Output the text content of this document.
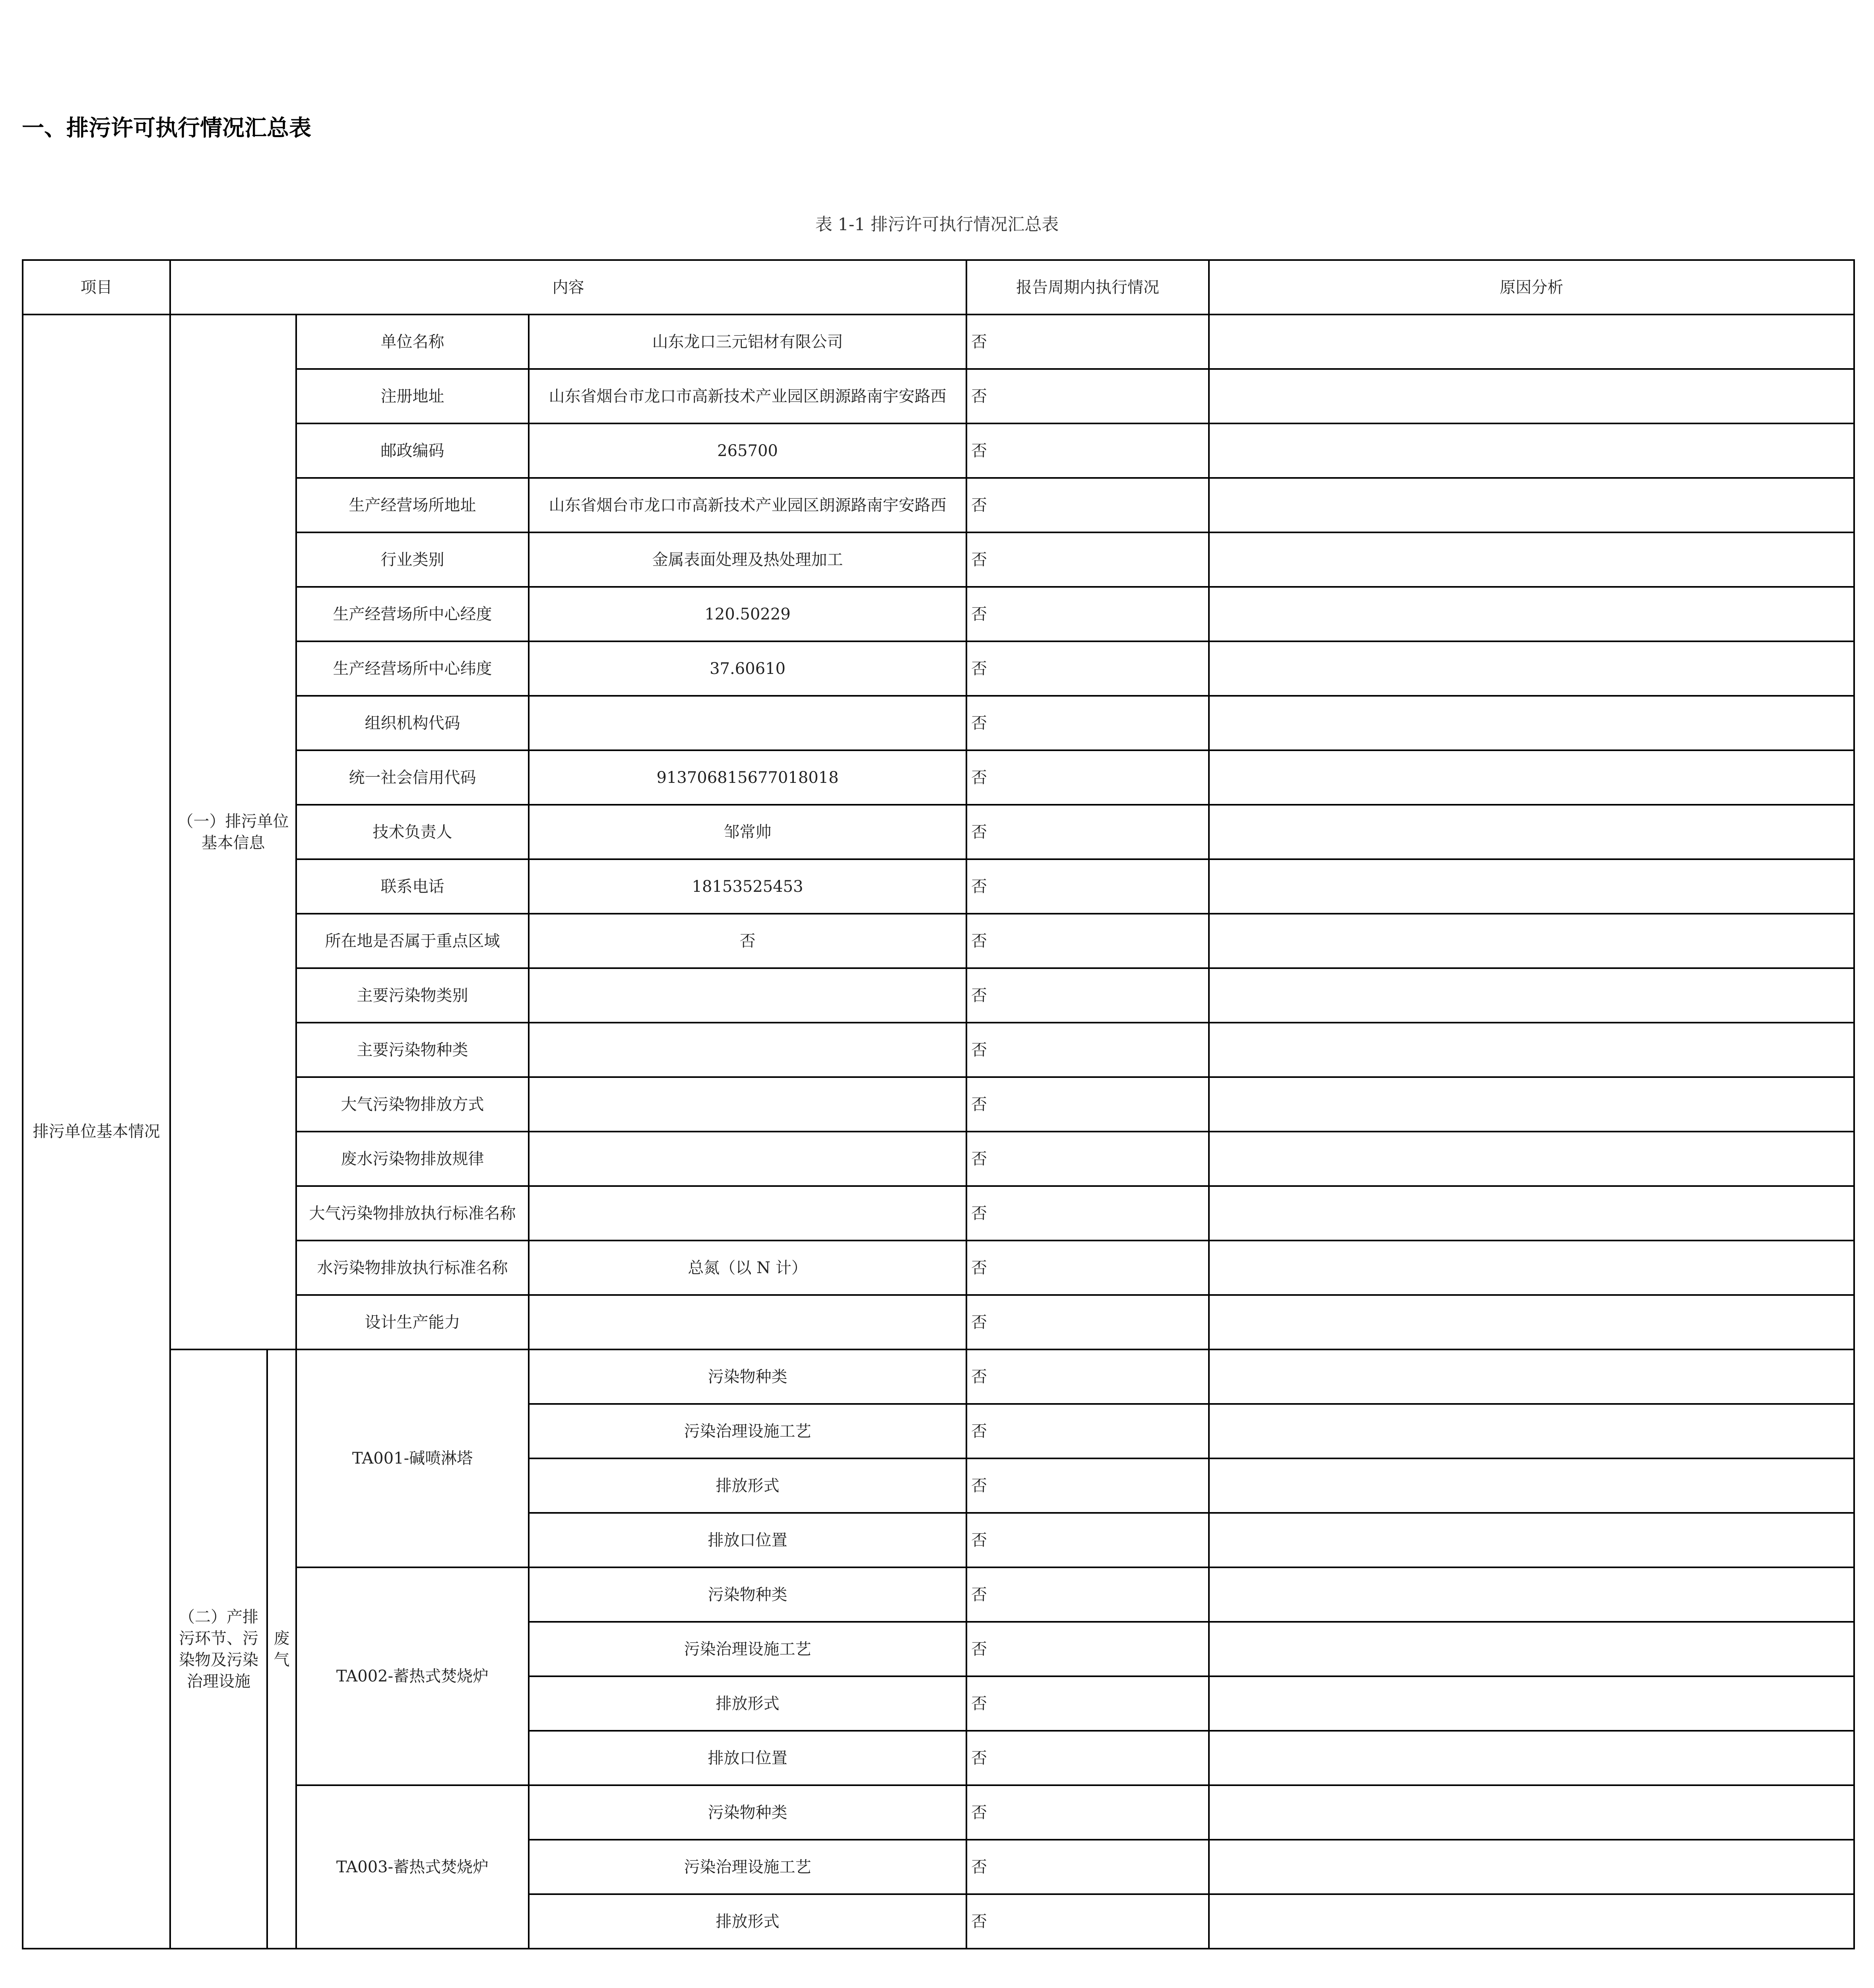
一、排污许可执行情况汇总表
表 1-1 排污许可执行情况汇总表
项目	内容				报告周期内执行情况	原因分析
排污单位基本情况	（一）排污单位基本信息		单位名称	山东龙口三元铝材有限公司	否	
			注册地址	山东省烟台市龙口市高新技术产业园区朗源路南宇安路西	否	
			邮政编码	265700	否	
			生产经营场所地址	山东省烟台市龙口市高新技术产业园区朗源路南宇安路西	否	
			行业类别	金属表面处理及热处理加工	否	
			生产经营场所中心经度	120.50229	否	
			生产经营场所中心纬度	37.60610	否	
			组织机构代码		否	
			统一社会信用代码	913706815677018018	否	
			技术负责人	邹常帅	否	
			联系电话	18153525453	否	
			所在地是否属于重点区域	否	否	
			主要污染物类别		否	
			主要污染物种类		否	
			大气污染物排放方式		否	
			废水污染物排放规律		否	
			大气污染物排放执行标准名称		否	
			水污染物排放执行标准名称	总氮（以 N 计）	否	
			设计生产能力		否	
	（二）产排污环节、污染物及污染治理设施	废气	TA001-碱喷淋塔	污染物种类	否	
				污染治理设施工艺	否	
				排放形式	否	
				排放口位置	否	
			TA002-蓄热式焚烧炉	污染物种类	否	
				污染治理设施工艺	否	
				排放形式	否	
				排放口位置	否	
			TA003-蓄热式焚烧炉	污染物种类	否	
				污染治理设施工艺	否	
				排放形式	否	
